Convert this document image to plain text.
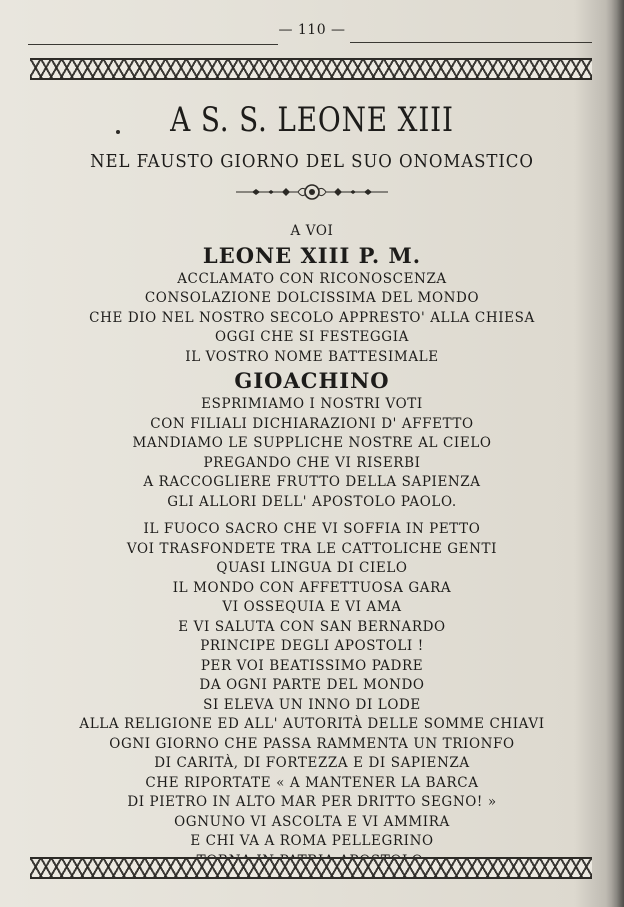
— 110 —
A S. S. LEONE XIII
NEL FAUSTO GIORNO DEL SUO ONOMASTICO
A VOI
LEONE XIII P. M.
ACCLAMATO CON RICONOSCENZA
CONSOLAZIONE DOLCISSIMA DEL MONDO
CHE DIO NEL NOSTRO SECOLO APPRESTO' ALLA CHIESA
OGGI CHE SI FESTEGGIA
IL VOSTRO NOME BATTESIMALE
GIOACHINO
ESPRIMIAMO I NOSTRI VOTI
CON FILIALI DICHIARAZIONI D' AFFETTO
MANDIAMO LE SUPPLICHE NOSTRE AL CIELO
PREGANDO CHE VI RISERBI
A RACCOGLIERE FRUTTO DELLA SAPIENZA
GLI ALLORI DELL' APOSTOLO PAOLO.
IL FUOCO SACRO CHE VI SOFFIA IN PETTO
VOI TRASFONDETE TRA LE CATTOLICHE GENTI
QUASI LINGUA DI CIELO
IL MONDO CON AFFETTUOSA GARA
VI OSSEQUIA E VI AMA
E VI SALUTA CON SAN BERNARDO
PRINCIPE DEGLI APOSTOLI !
PER VOI BEATISSIMO PADRE
DA OGNI PARTE DEL MONDO
SI ELEVA UN INNO DI LODE
ALLA RELIGIONE ED ALL' AUTORITÀ DELLE SOMME CHIAVI
OGNI GIORNO CHE PASSA RAMMENTA UN TRIONFO
DI CARITÀ, DI FORTEZZA E DI SAPIENZA
CHE RIPORTATE « A MANTENER LA BARCA
DI PIETRO IN ALTO MAR PER DRITTO SEGNO! »
OGNUNO VI ASCOLTA E VI AMMIRA
E CHI VA A ROMA PELLEGRINO
